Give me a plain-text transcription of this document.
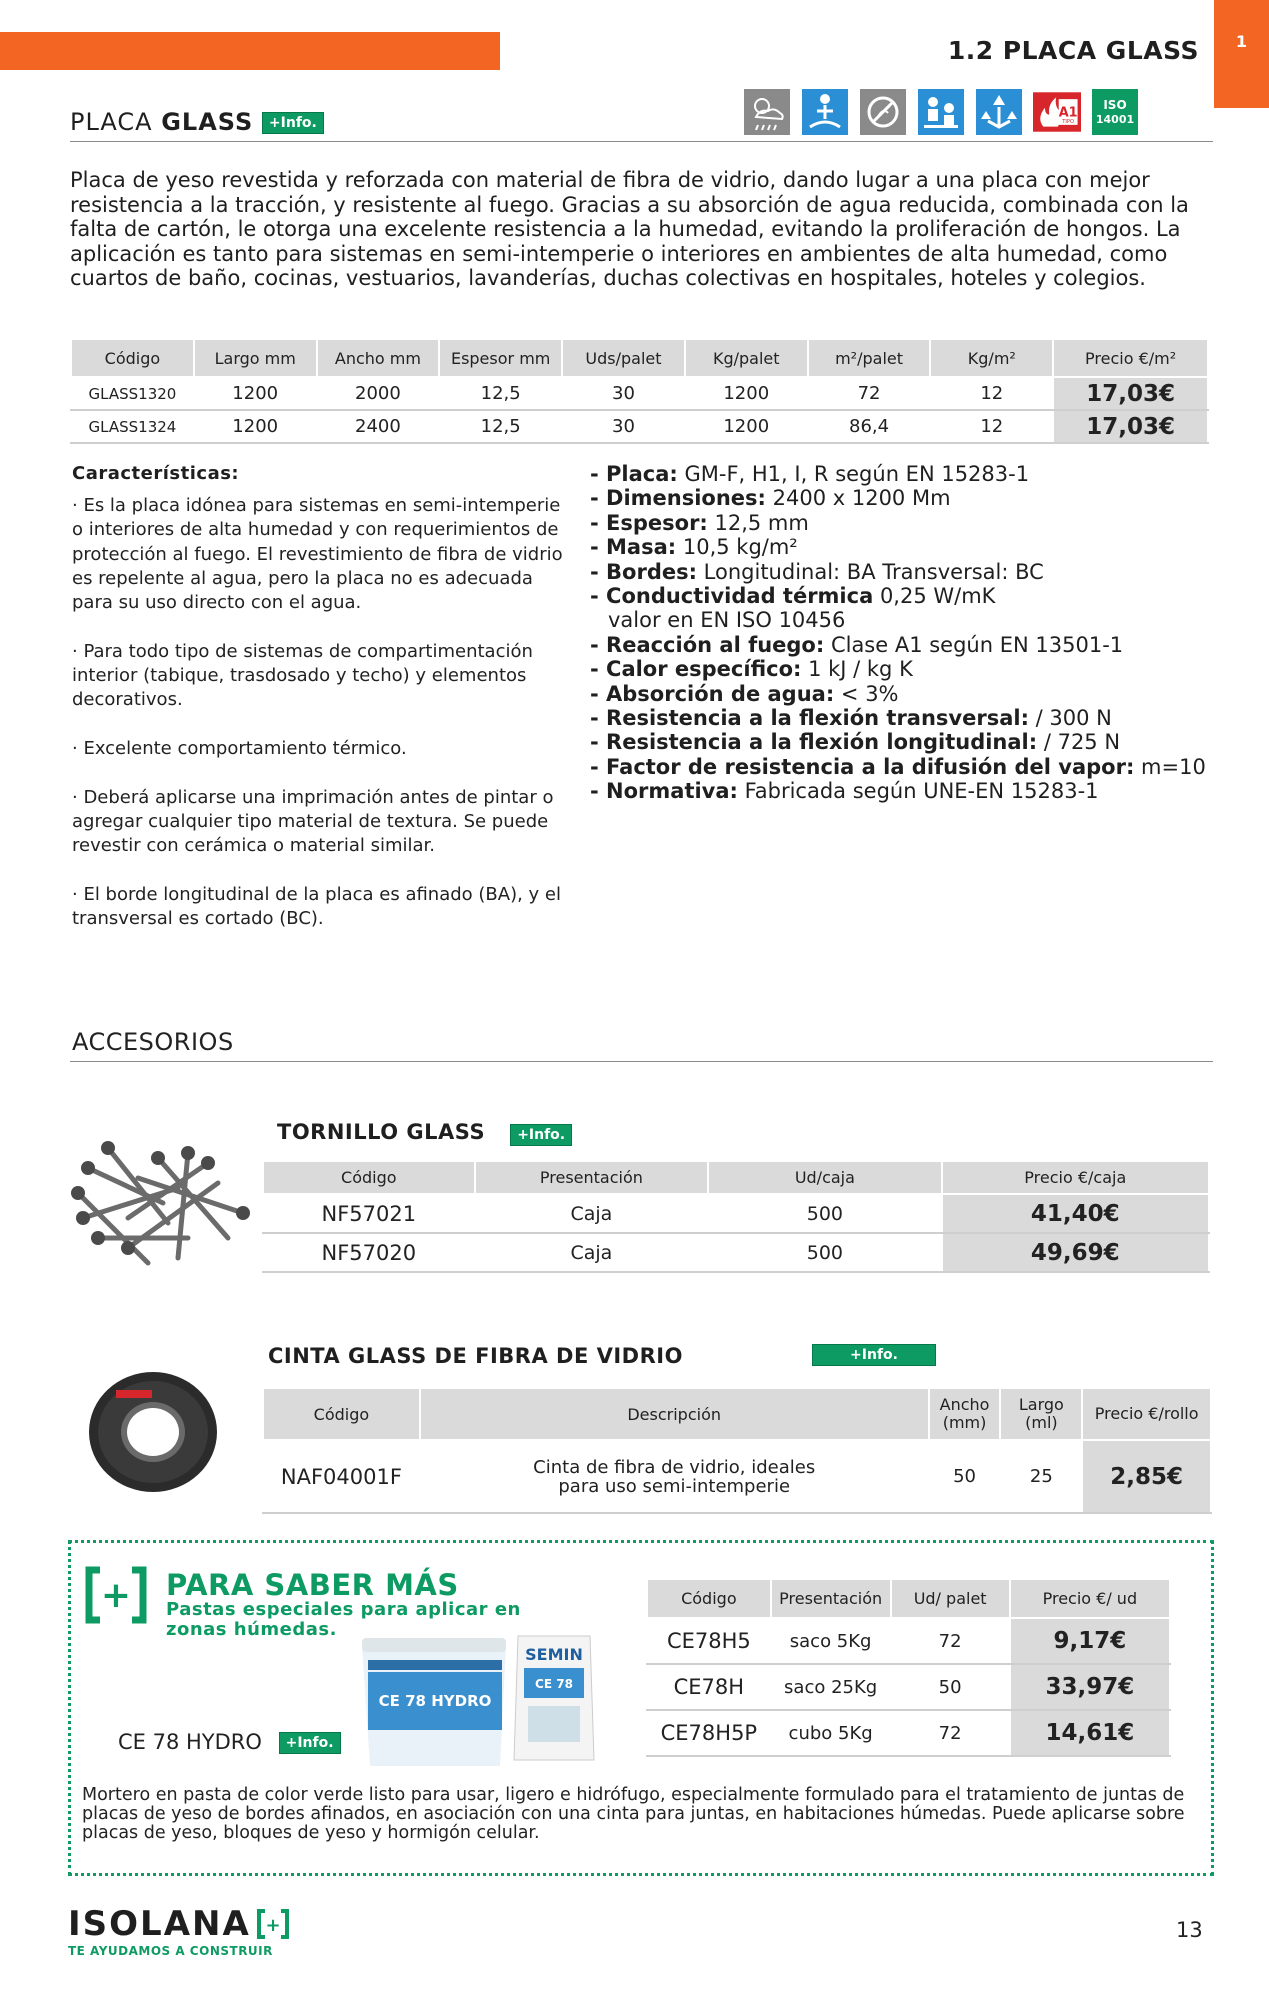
1.2 PLACA GLASS	1
PLACA GLASS +Info.
A1
TIPO
ISO
14001
Placa de yeso revestida y reforzada con material de fibra de vidrio, dando lugar a una placa con mejor resistencia a la tracción, y resistente al fuego. Gracias a su absorción de agua reducida, combinada con la falta de cartón, le otorga una excelente resistencia a la humedad, evitando la proliferación de hongos. La aplicación es tanto para sistemas en semi-intemperie o interiores en ambientes de alta humedad, como cuartos de baño, cocinas, vestuarios, lavanderías, duchas colectivas en hospitales, hoteles y colegios.
Código	Largo mm	Ancho mm	Espesor mm	Uds/palet	Kg/palet	m²/palet	Kg/m²	Precio €/m²
GLASS1320	1200	2000	12,5	30	1200	72	12	17,03€
GLASS1324	1200	2400	12,5	30	1200	86,4	12	17,03€
Características:

· Es la placa idónea para sistemas en semi-intemperie o interiores de alta humedad y con requerimientos de protección al fuego. El revestimiento de fibra de vidrio es repelente al agua, pero la placa no es adecuada para su uso directo con el agua.

· Para todo tipo de sistemas de compartimentación interior (tabique, trasdosado y techo) y elementos decorativos.

· Excelente comportamiento térmico.

· Deberá aplicarse una imprimación antes de pintar o agregar cualquier tipo material de textura. Se puede revestir con cerámica o material similar.

· El borde longitudinal de la placa es afinado (BA), y el transversal es cortado (BC).

- Placa: GM-F, H1, I, R según EN 15283-1
- Dimensiones: 2400 x 1200 Mm
- Espesor: 12,5 mm
- Masa: 10,5 kg/m²
- Bordes: Longitudinal: BA Transversal: BC
- Conductividad térmica 0,25 W/mK
valor en EN ISO 10456
- Reacción al fuego: Clase A1 según EN 13501-1
- Calor específico: 1 kJ / kg K
- Absorción de agua: < 3%
- Resistencia a la flexión transversal: / 300 N
- Resistencia a la flexión longitudinal: / 725 N
- Factor de resistencia a la difusión del vapor: m=10
- Normativa: Fabricada según UNE-EN 15283-1
ACCESORIOS
TORNILLO GLASS +Info.
Código	Presentación	Ud/caja	Precio €/caja
NF57021	Caja	500	41,40€
NF57020	Caja	500	49,69€
CINTA GLASS DE FIBRA DE VIDRIO	+Info.
Código	Descripción	Ancho (mm)	Largo (ml)	Precio €/rollo
NAF04001F	Cinta de fibra de vidrio, ideales para uso semi-intemperie	50	25	2,85€
+ PARA SABER MÁS
Pastas especiales para aplicar en zonas húmedas.
CE 78 HYDRO
SEMIN
CE 78
CE 78 HYDRO +Info.
Código	Presentación	Ud/ palet	Precio €/ ud
CE78H5	saco 5Kg	72	9,17€
CE78H	saco 25Kg	50	33,97€
CE78H5P	cubo 5Kg	72	14,61€
Mortero en pasta de color verde listo para usar, ligero e hidrófugo, especialmente formulado para el tratamiento de juntas de placas de yeso de bordes afinados, en asociación con una cinta para juntas, en habitaciones húmedas. Puede aplicarse sobre placas de yeso, bloques de yeso y hormigón celular.
ISOLANA +
TE AYUDAMOS A CONSTRUIR
13
